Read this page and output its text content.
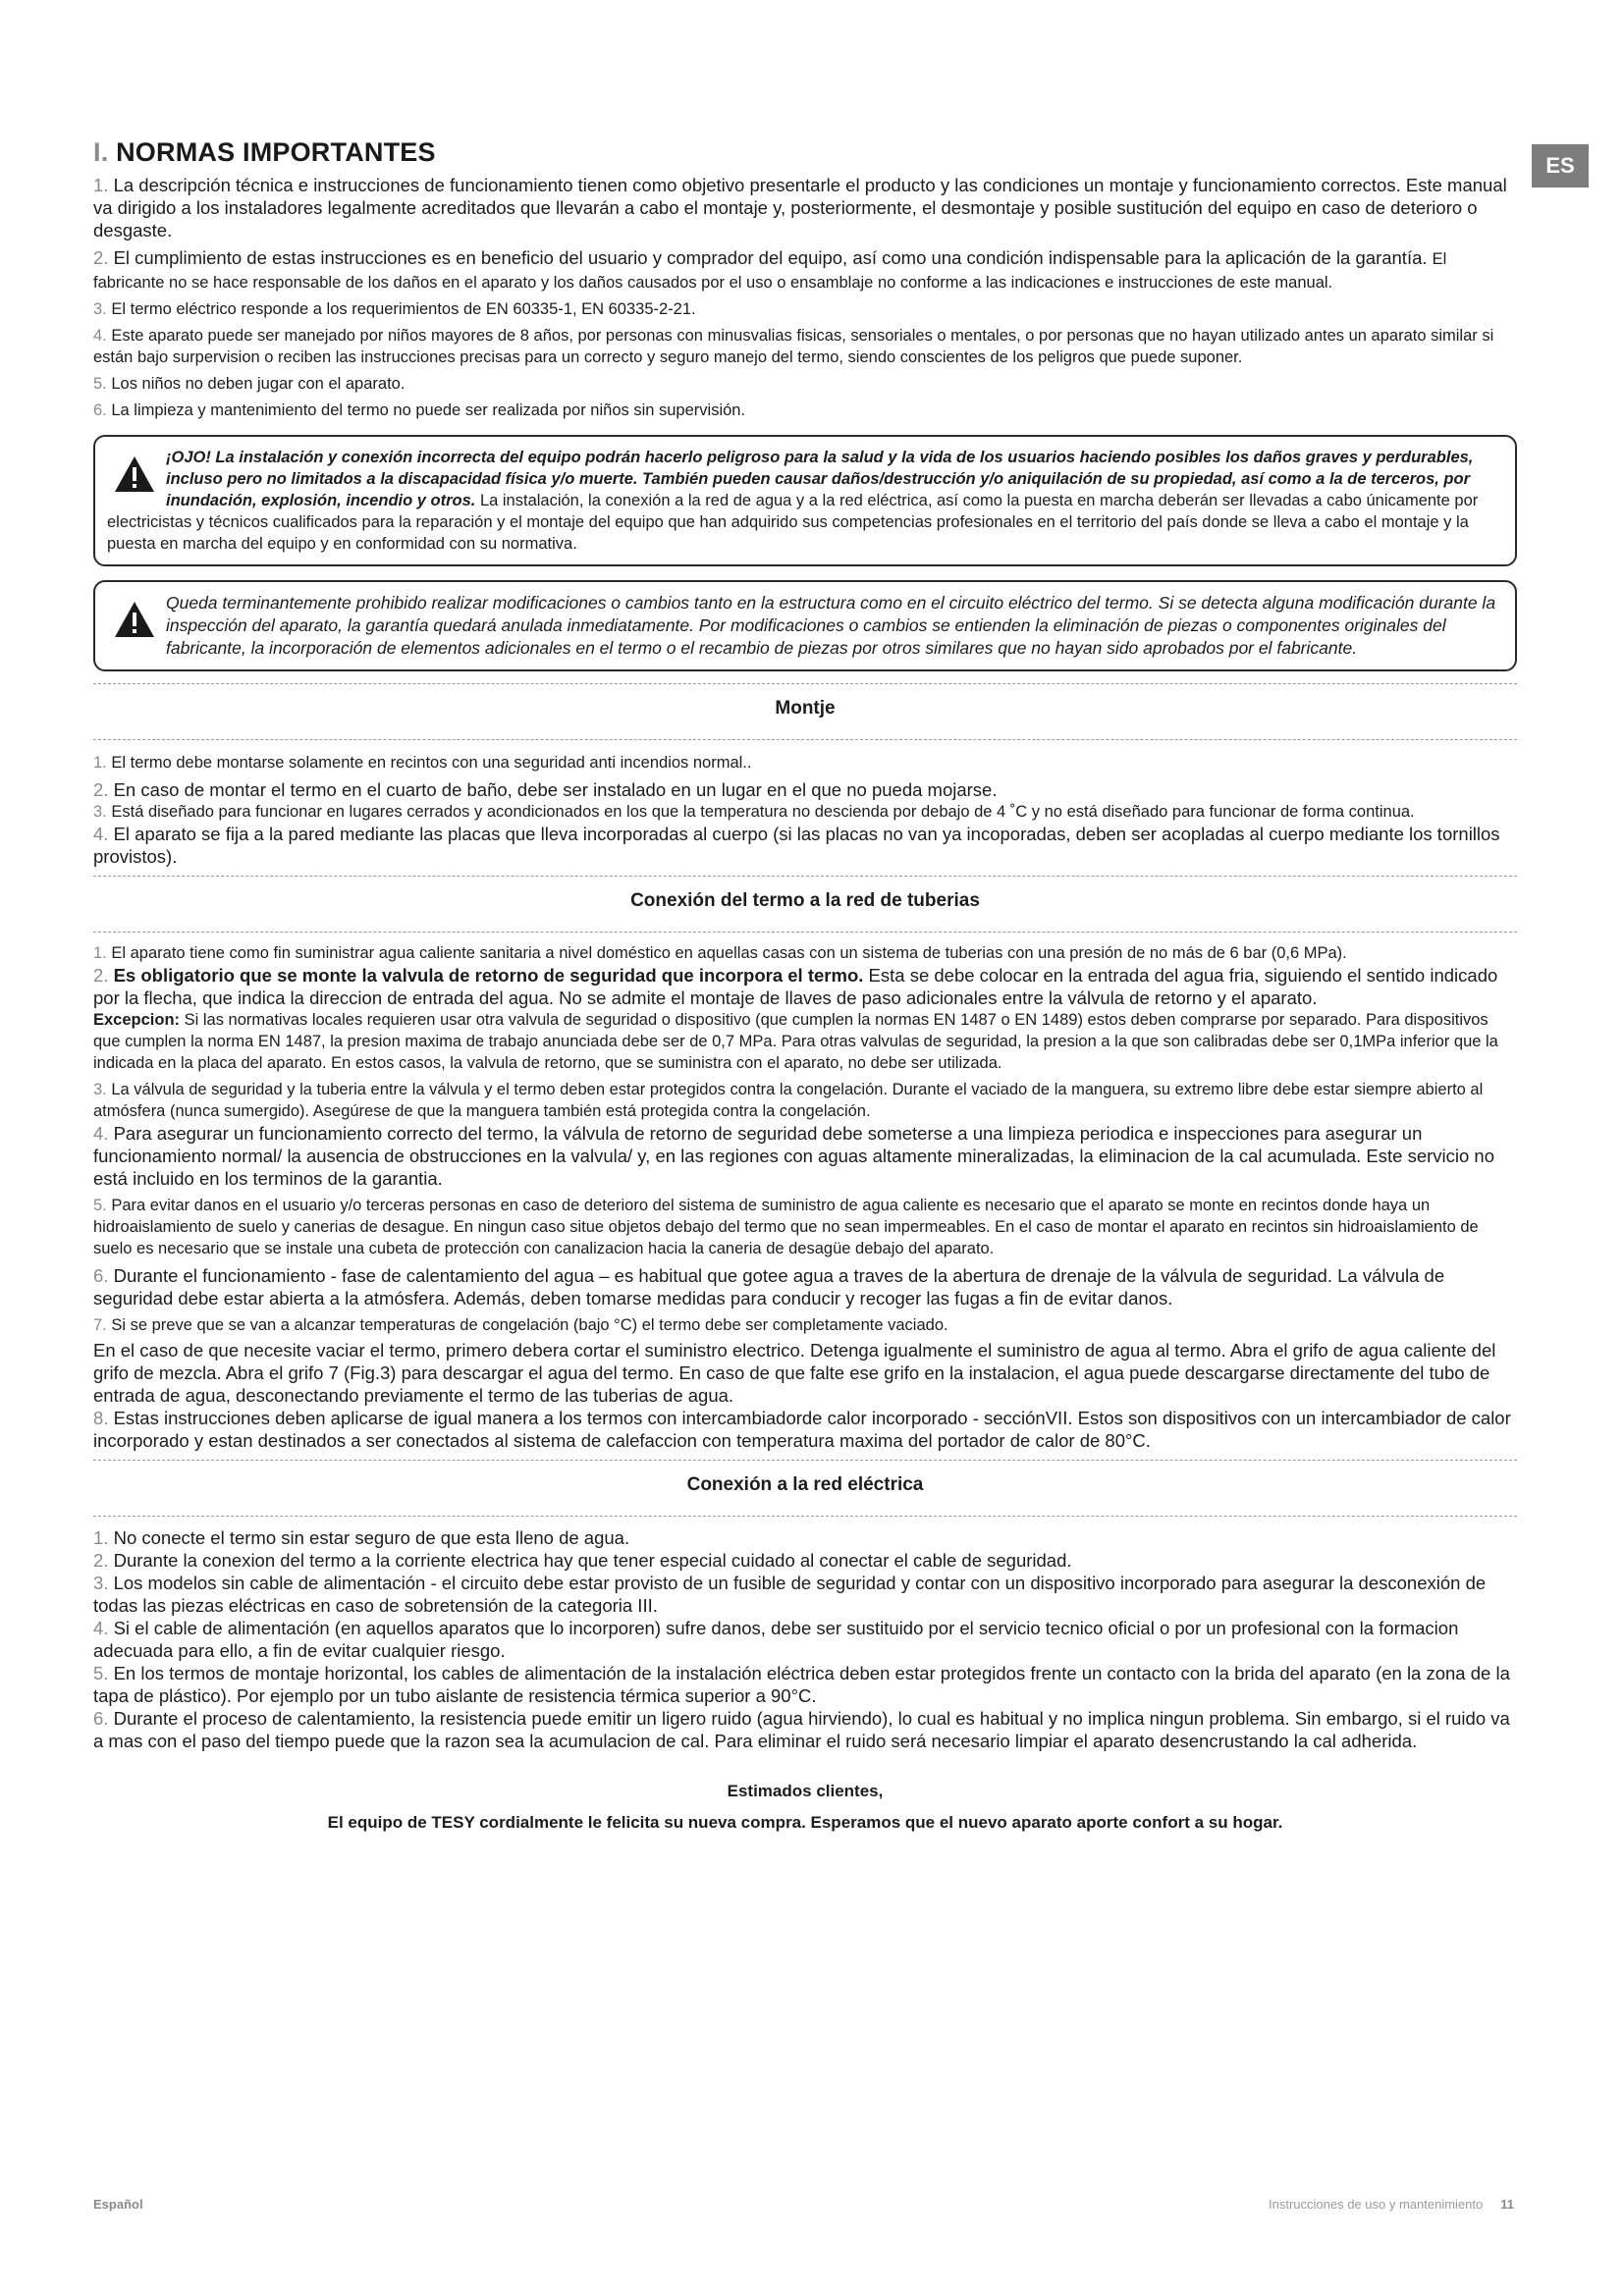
ES
I. NORMAS IMPORTANTES

1. La descripción técnica e instrucciones de funcionamiento tienen como objetivo presentarle el producto y las condiciones un montaje y funcionamiento correctos. Este manual va dirigido a los instaladores legalmente acreditados que llevarán a cabo el montaje y, posteriormente, el desmontaje y posible sustitución del equipo en caso de deterioro o desgaste.

2. El cumplimiento de estas instrucciones es en beneficio del usuario y comprador del equipo, así como una condición indispensable para la aplicación de la garantía. El fabricante no se hace responsable de los daños en el aparato y los daños causados por el uso o ensamblaje no conforme a las indicaciones e instrucciones de este manual.

3. El termo eléctrico responde a los requerimientos de EN 60335-1, EN 60335-2-21.

4. Este aparato puede ser manejado por niños mayores de 8 años, por personas con minusvalias fisicas, sensoriales o mentales, o por personas que no hayan utilizado antes un aparato similar si están bajo surpervision o reciben las instrucciones precisas para un correcto y seguro manejo del termo, siendo conscientes de los peligros que puede suponer.

5. Los niños no deben jugar con el aparato.

6. La limpieza y mantenimiento del termo no puede ser realizada por niños sin supervisión.

¡OJO! La instalación y conexión incorrecta del equipo podrán hacerlo peligroso para la salud y la vida de los usuarios haciendo posibles los daños graves y perdurables, incluso pero no limitados a la discapacidad física y/o muerte. También pueden causar daños/destrucción y/o aniquilación de su propiedad, así como a la de terceros, por inundación, explosión, incendio y otros. La instalación, la conexión a la red de agua y a la red eléctrica, así como la puesta en marcha deberán ser llevadas a cabo únicamente por electricistas y técnicos cualificados para la reparación y el montaje del equipo que han adquirido sus competencias profesionales en el territorio del país donde se lleva a cabo el montaje y la puesta en marcha del equipo y en conformidad con su normativa.

Queda terminantemente prohibido realizar modificaciones o cambios tanto en la estructura como en el circuito eléctrico del termo. Si se detecta alguna modificación durante la inspección del aparato, la garantía quedará anulada inmediatamente. Por modificaciones o cambios se entienden la eliminación de piezas o componentes originales del fabricante, la incorporación de elementos adicionales en el termo o el recambio de piezas por otros similares que no hayan sido aprobados por el fabricante.

Montje

1. El termo debe montarse solamente en recintos con una seguridad anti incendios normal..

2. En caso de montar el termo en el cuarto de baño, debe ser instalado en un lugar en el que no pueda mojarse.

3. Está diseñado para funcionar en lugares cerrados y acondicionados en los que la temperatura no descienda por debajo de 4 ˚C y no está diseñado para funcionar de forma continua.

4. El aparato se fija a la pared mediante las placas que lleva incorporadas al cuerpo (si las placas no van ya incoporadas, deben ser acopladas al cuerpo mediante los tornillos provistos).

Conexión del termo a la red de tuberias

1. El aparato tiene como fin suministrar agua caliente sanitaria a nivel doméstico en aquellas casas con un sistema de tuberias con una presión de no más de 6 bar (0,6 MPa).

2. Es obligatorio que se monte la valvula de retorno de seguridad que incorpora el termo. Esta se debe colocar en la entrada del agua fria, siguiendo el sentido indicado por la flecha, que indica la direccion de entrada del agua. No se admite el montaje de llaves de paso adicionales entre la válvula de retorno y el aparato.

Excepcion: Si las normativas locales requieren usar otra valvula de seguridad o dispositivo (que cumplen la normas EN 1487 o EN 1489) estos deben comprarse por separado. Para dispositivos que cumplen la norma EN 1487, la presion maxima de trabajo anunciada debe ser de 0,7 MPa. Para otras valvulas de seguridad, la presion a la que son calibradas debe ser 0,1MPa inferior que la indicada en la placa del aparato. En estos casos, la valvula de retorno, que se suministra con el aparato, no debe ser utilizada.

3. La válvula de seguridad y la tuberia entre la válvula y el termo deben estar protegidos contra la congelación. Durante el vaciado de la manguera, su extremo libre debe estar siempre abierto al atmósfera (nunca sumergido). Asegúrese de que la manguera también está protegida contra la congelación.

4. Para asegurar un funcionamiento correcto del termo, la válvula de retorno de seguridad debe someterse a una limpieza periodica e inspecciones para asegurar un funcionamiento normal/ la ausencia de obstrucciones en la valvula/ y, en las regiones con aguas altamente mineralizadas, la eliminacion de la cal acumulada. Este servicio no está incluido en los terminos de la garantia.

5. Para evitar danos en el usuario y/o terceras personas en caso de deterioro del sistema de suministro de agua caliente es necesario que el aparato se monte en recintos donde haya un hidroaislamiento de suelo y canerias de desague. En ningun caso situe objetos debajo del termo que no sean impermeables. En el caso de montar el aparato en recintos sin hidroaislamiento de suelo es necesario que se instale una cubeta de protección con canalizacion hacia la caneria de desagüe debajo del aparato.

6. Durante el funcionamiento - fase de calentamiento del agua – es habitual que gotee agua a traves de la abertura de drenaje de la válvula de seguridad. La válvula de seguridad debe estar abierta a la atmósfera. Además, deben tomarse medidas para conducir y recoger las fugas a fin de evitar danos.

7. Si se preve que se van a alcanzar temperaturas de congelación (bajo °C) el termo debe ser completamente vaciado.

En el caso de que necesite vaciar el termo, primero debera cortar el suministro electrico. Detenga igualmente el suministro de agua al termo. Abra el grifo de agua caliente del grifo de mezcla. Abra el grifo 7 (Fig.3) para descargar el agua del termo. En caso de que falte ese grifo en la instalacion, el agua puede descargarse directamente del tubo de entrada de agua, desconectando previamente el termo de las tuberias de agua.

8. Estas instrucciones deben aplicarse de igual manera a los termos con intercambiadorde calor incorporado - secciónVII. Estos son dispositivos con un intercambiador de calor incorporado y estan destinados a ser conectados al sistema de calefaccion con temperatura maxima del portador de calor de 80°C.

Conexión a la red eléctrica

1. No conecte el termo sin estar seguro de que esta lleno de agua.

2. Durante la conexion del termo a la corriente electrica hay que tener especial cuidado al conectar el cable de seguridad.

3. Los modelos sin cable de alimentación - el circuito debe estar provisto de un fusible de seguridad y contar con un dispositivo incorporado para asegurar la desconexión de todas las piezas eléctricas en caso de sobretensión de la categoria III.

4. Si el cable de alimentación (en aquellos aparatos que lo incorporen) sufre danos, debe ser sustituido por el servicio tecnico oficial o por un profesional con la formacion adecuada para ello, a fin de evitar cualquier riesgo.

5. En los termos de montaje horizontal, los cables de alimentación de la instalación eléctrica deben estar protegidos frente un contacto con la brida del aparato (en la zona de la tapa de plástico). Por ejemplo por un tubo aislante de resistencia térmica superior a 90°C.

6. Durante el proceso de calentamiento, la resistencia puede emitir un ligero ruido (agua hirviendo), lo cual es habitual y no implica ningun problema. Sin embargo, si el ruido va a mas con el paso del tiempo puede que la razon sea la acumulacion de cal. Para eliminar el ruido será necesario limpiar el aparato desencrustando la cal adherida.

Estimados clientes,
El equipo de TESY cordialmente le felicita su nueva compra. Esperamos que el nuevo aparato aporte confort a su hogar.
Español	Instrucciones de uso y mantenimiento 11
